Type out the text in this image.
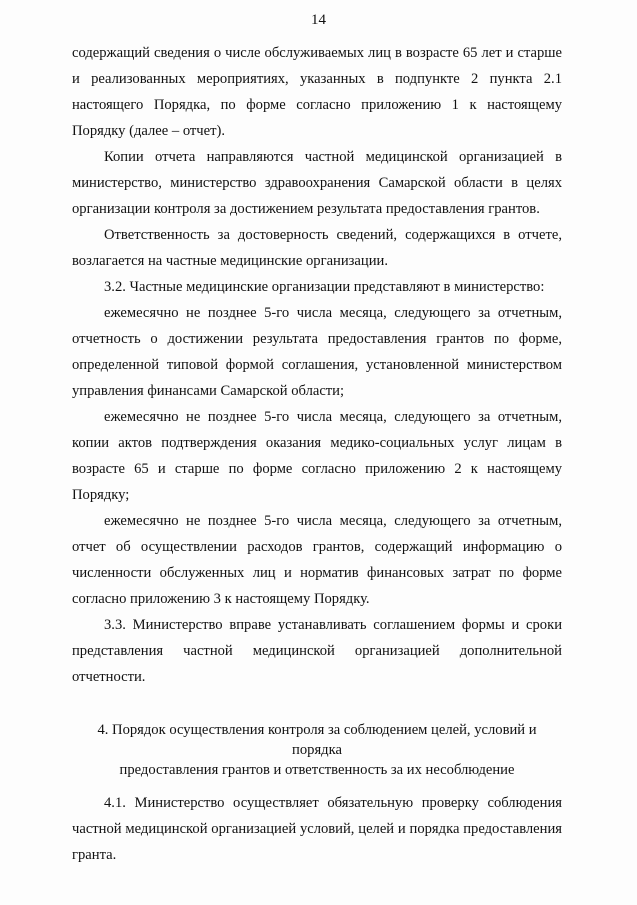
14

содержащий сведения о числе обслуживаемых лиц в возрасте 65 лет и старше и реализованных мероприятиях, указанных в подпункте 2 пункта 2.1 настоящего Порядка, по форме согласно приложению 1 к настоящему Порядку (далее – отчет).

Копии отчета направляются частной медицинской организацией в министерство, министерство здравоохранения Самарской области в целях организации контроля за достижением результата предоставления грантов.

Ответственность за достоверность сведений, содержащихся в отчете, возлагается на частные медицинские организации.

3.2. Частные медицинские организации представляют в министерство:

ежемесячно не позднее 5-го числа месяца, следующего за отчетным, отчетность о достижении результата предоставления грантов по форме, определенной типовой формой соглашения, установленной министерством управления финансами Самарской области;

ежемесячно не позднее 5-го числа месяца, следующего за отчетным, копии актов подтверждения оказания медико-социальных услуг лицам в возрасте 65 и старше по форме согласно приложению 2 к настоящему Порядку;

ежемесячно не позднее 5-го числа месяца, следующего за отчетным, отчет об осуществлении расходов грантов, содержащий информацию о численности обслуженных лиц и норматив финансовых затрат по форме согласно приложению 3 к настоящему Порядку.

3.3. Министерство вправе устанавливать соглашением формы и сроки представления частной медицинской организацией дополнительной отчетности.

4. Порядок осуществления контроля за соблюдением целей, условий и порядка
предоставления грантов и ответственность за их несоблюдение

4.1. Министерство осуществляет обязательную проверку соблюдения частной медицинской организацией условий, целей и порядка предоставления гранта.
